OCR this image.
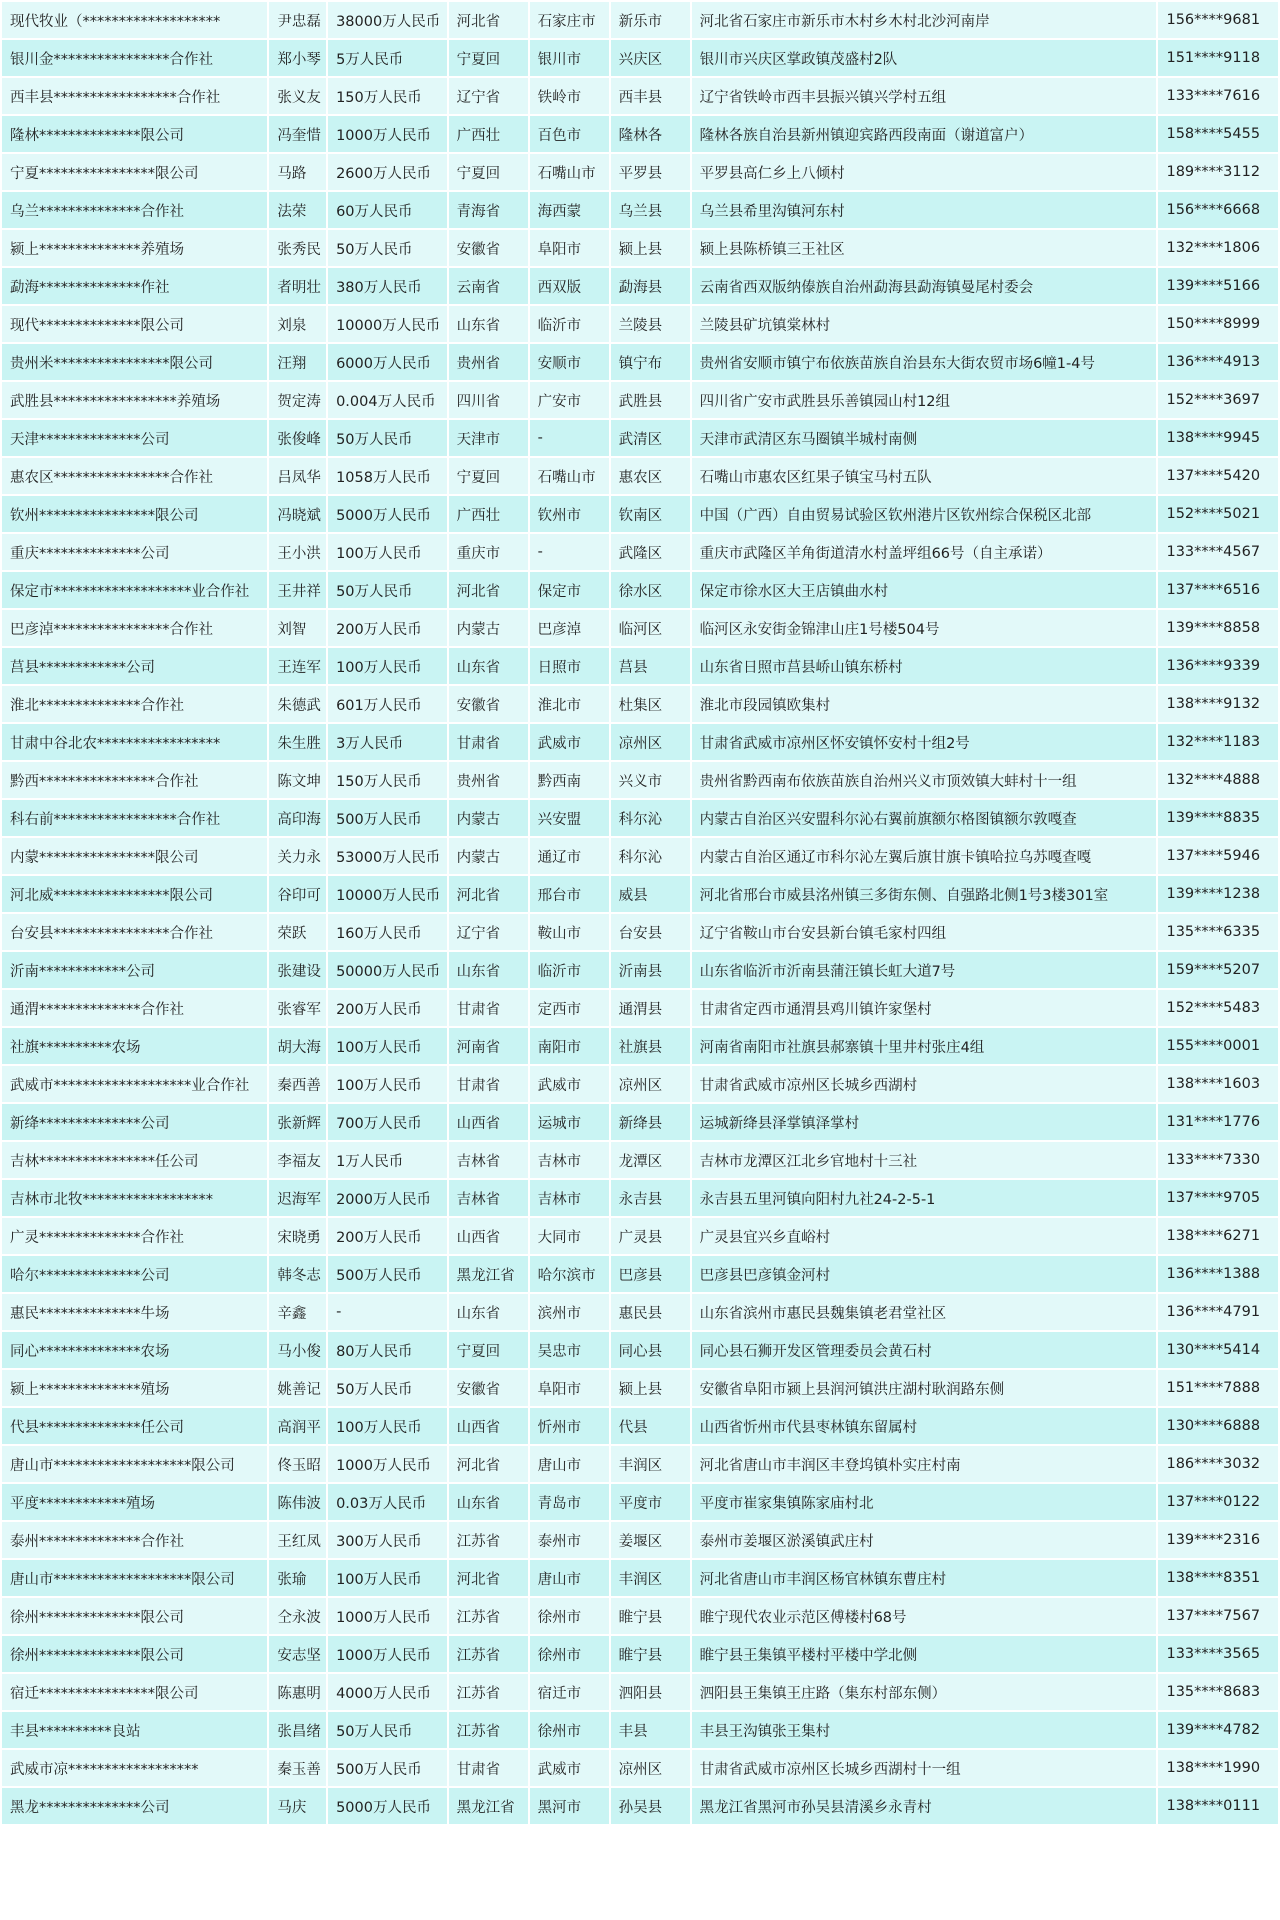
现代牧业（*******************	尹忠磊	38000万人民币	河北省	石家庄市	新乐市	河北省石家庄市新乐市木村乡木村北沙河南岸	156****9681
银川金****************合作社	郑小琴	5万人民币	宁夏回	银川市	兴庆区	银川市兴庆区掌政镇茂盛村2队	151****9118
西丰县*****************合作社	张义友	150万人民币	辽宁省	铁岭市	西丰县	辽宁省铁岭市西丰县振兴镇兴学村五组	133****7616
隆林**************限公司	冯奎惜	1000万人民币	广西壮	百色市	隆林各	隆林各族自治县新州镇迎宾路西段南面（谢道富户）	158****5455
宁夏****************限公司	马路	2600万人民币	宁夏回	石嘴山市	平罗县	平罗县高仁乡上八倾村	189****3112
乌兰**************合作社	法荣	60万人民币	青海省	海西蒙	乌兰县	乌兰县希里沟镇河东村	156****6668
颍上**************养殖场	张秀民	50万人民币	安徽省	阜阳市	颍上县	颍上县陈桥镇三王社区	132****1806
勐海**************作社	者明壮	380万人民币	云南省	西双版	勐海县	云南省西双版纳傣族自治州勐海县勐海镇曼尾村委会	139****5166
现代**************限公司	刘泉	10000万人民币	山东省	临沂市	兰陵县	兰陵县矿坑镇棠林村	150****8999
贵州米****************限公司	汪翔	6000万人民币	贵州省	安顺市	镇宁布	贵州省安顺市镇宁布依族苗族自治县东大街农贸市场6幢1-4号	136****4913
武胜县*****************养殖场	贺定涛	0.004万人民币	四川省	广安市	武胜县	四川省广安市武胜县乐善镇园山村12组	152****3697
天津**************公司	张俊峰	50万人民币	天津市	-	武清区	天津市武清区东马圈镇半城村南侧	138****9945
惠农区****************合作社	吕凤华	1058万人民币	宁夏回	石嘴山市	惠农区	石嘴山市惠农区红果子镇宝马村五队	137****5420
钦州****************限公司	冯晓斌	5000万人民币	广西壮	钦州市	钦南区	中国（广西）自由贸易试验区钦州港片区钦州综合保税区北部	152****5021
重庆**************公司	王小洪	100万人民币	重庆市	-	武隆区	重庆市武隆区羊角街道清水村盖坪组66号（自主承诺）	133****4567
保定市*******************业合作社	王井祥	50万人民币	河北省	保定市	徐水区	保定市徐水区大王店镇曲水村	137****6516
巴彦淖****************合作社	刘智	200万人民币	内蒙古	巴彦淖	临河区	临河区永安街金锦津山庄1号楼504号	139****8858
莒县************公司	王连军	100万人民币	山东省	日照市	莒县	山东省日照市莒县峤山镇东桥村	136****9339
淮北**************合作社	朱德武	601万人民币	安徽省	淮北市	杜集区	淮北市段园镇欧集村	138****9132
甘肃中谷北农*****************	朱生胜	3万人民币	甘肃省	武威市	凉州区	甘肃省武威市凉州区怀安镇怀安村十组2号	132****1183
黔西****************合作社	陈文坤	150万人民币	贵州省	黔西南	兴义市	贵州省黔西南布依族苗族自治州兴义市顶效镇大蚌村十一组	132****4888
科右前*****************合作社	高印海	500万人民币	内蒙古	兴安盟	科尔沁	内蒙古自治区兴安盟科尔沁右翼前旗额尔格图镇额尔敦嘎查	139****8835
内蒙****************限公司	关力永	53000万人民币	内蒙古	通辽市	科尔沁	内蒙古自治区通辽市科尔沁左翼后旗甘旗卡镇哈拉乌苏嘎查嘎	137****5946
河北威****************限公司	谷印可	10000万人民币	河北省	邢台市	威县	河北省邢台市威县洺州镇三多街东侧、自强路北侧1号3楼301室	139****1238
台安县****************合作社	荣跃	160万人民币	辽宁省	鞍山市	台安县	辽宁省鞍山市台安县新台镇毛家村四组	135****6335
沂南************公司	张建设	50000万人民币	山东省	临沂市	沂南县	山东省临沂市沂南县蒲汪镇长虹大道7号	159****5207
通渭**************合作社	张睿军	200万人民币	甘肃省	定西市	通渭县	甘肃省定西市通渭县鸡川镇许家堡村	152****5483
社旗**********农场	胡大海	100万人民币	河南省	南阳市	社旗县	河南省南阳市社旗县郝寨镇十里井村张庄4组	155****0001
武威市*******************业合作社	秦西善	100万人民币	甘肃省	武威市	凉州区	甘肃省武威市凉州区长城乡西湖村	138****1603
新绛**************公司	张新辉	700万人民币	山西省	运城市	新绛县	运城新绛县泽掌镇泽掌村	131****1776
吉林****************任公司	李福友	1万人民币	吉林省	吉林市	龙潭区	吉林市龙潭区江北乡官地村十三社	133****7330
吉林市北牧******************	迟海军	2000万人民币	吉林省	吉林市	永吉县	永吉县五里河镇向阳村九社24-2-5-1	137****9705
广灵**************合作社	宋晓勇	200万人民币	山西省	大同市	广灵县	广灵县宜兴乡直峪村	138****6271
哈尔**************公司	韩冬志	500万人民币	黑龙江省	哈尔滨市	巴彦县	巴彦县巴彦镇金河村	136****1388
惠民**************牛场	辛鑫	-	山东省	滨州市	惠民县	山东省滨州市惠民县魏集镇老君堂社区	136****4791
同心**************农场	马小俊	80万人民币	宁夏回	吴忠市	同心县	同心县石狮开发区管理委员会黄石村	130****5414
颍上**************殖场	姚善记	50万人民币	安徽省	阜阳市	颍上县	安徽省阜阳市颍上县润河镇洪庄湖村耿润路东侧	151****7888
代县**************任公司	高润平	100万人民币	山西省	忻州市	代县	山西省忻州市代县枣林镇东留属村	130****6888
唐山市*******************限公司	佟玉昭	1000万人民币	河北省	唐山市	丰润区	河北省唐山市丰润区丰登坞镇朴实庄村南	186****3032
平度************殖场	陈伟波	0.03万人民币	山东省	青岛市	平度市	平度市崔家集镇陈家庙村北	137****0122
泰州**************合作社	王红凤	300万人民币	江苏省	泰州市	姜堰区	泰州市姜堰区淤溪镇武庄村	139****2316
唐山市*******************限公司	张瑜	100万人民币	河北省	唐山市	丰润区	河北省唐山市丰润区杨官林镇东曹庄村	138****8351
徐州**************限公司	仝永波	1000万人民币	江苏省	徐州市	睢宁县	睢宁现代农业示范区傅楼村68号	137****7567
徐州**************限公司	安志坚	1000万人民币	江苏省	徐州市	睢宁县	睢宁县王集镇平楼村平楼中学北侧	133****3565
宿迁****************限公司	陈惠明	4000万人民币	江苏省	宿迁市	泗阳县	泗阳县王集镇王庄路（集东村部东侧）	135****8683
丰县**********良站	张昌绪	50万人民币	江苏省	徐州市	丰县	丰县王沟镇张王集村	139****4782
武威市凉******************	秦玉善	500万人民币	甘肃省	武威市	凉州区	甘肃省武威市凉州区长城乡西湖村十一组	138****1990
黑龙**************公司	马庆	5000万人民币	黑龙江省	黑河市	孙吴县	黑龙江省黑河市孙吴县清溪乡永青村	138****0111
